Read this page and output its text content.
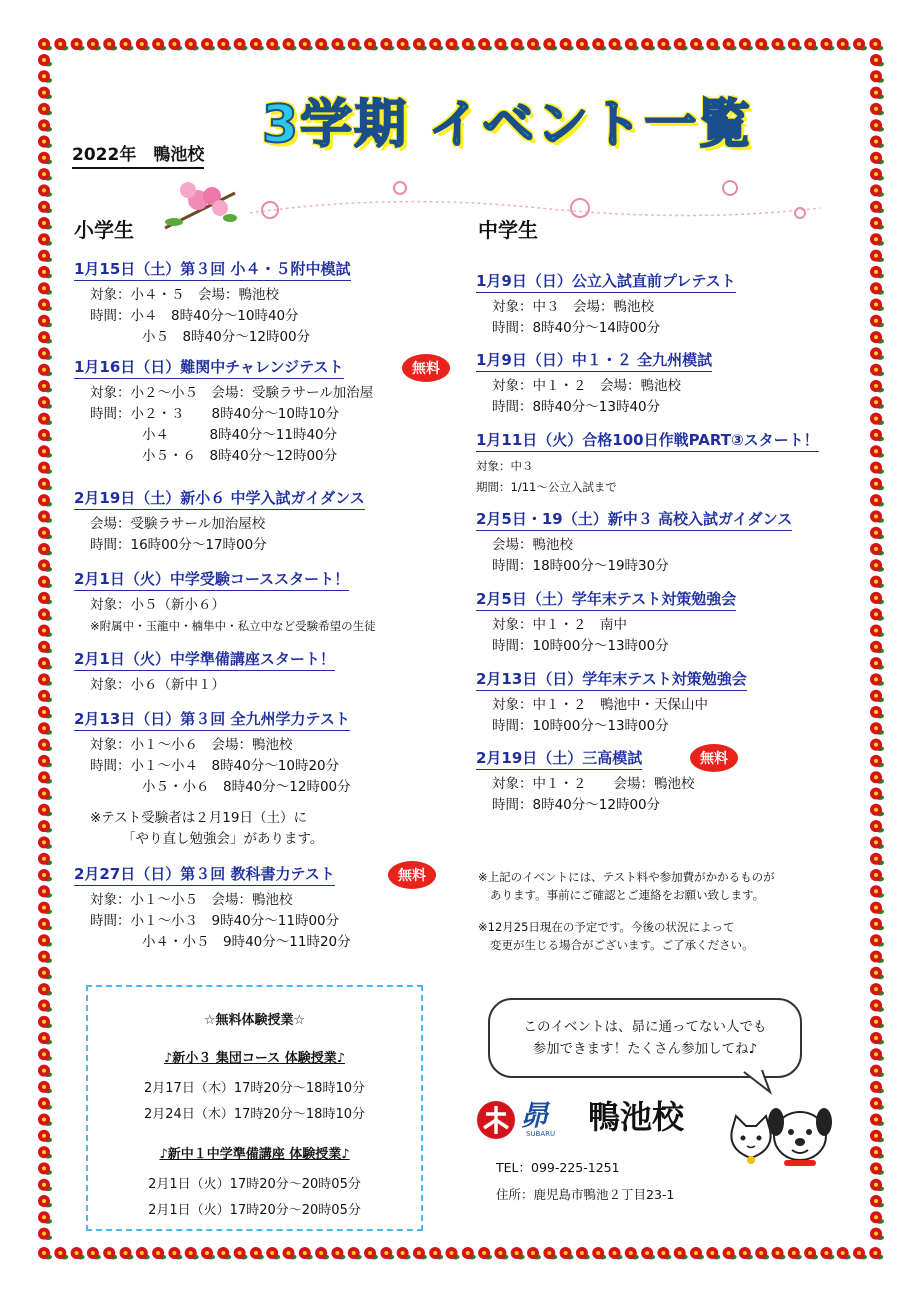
3学期 イベント一覧
2022年　 鴨池校
小学生	中学生
1月15日（土）第３回 小４・５附中模試
対象：小４・５　会場：鴨池校
時間：小４　8時40分～10時40分
小５　8時40分～12時00分
1月16日（日）難関中チャレンジテスト
対象：小２～小５　会場：受験ラサール加治屋
時間：小２・３　　8時40分～10時10分
小４　　　8時40分～11時40分
小５・６　8時40分～12時00分
無料
2月19日（土）新小６ 中学入試ガイダンス
会場：受験ラサール加治屋校
時間：16時00分～17時00分
2月1日（火）中学受験コーススタート！
対象：小５（新小６）
※附属中・玉龍中・楠隼中・私立中など受験希望の生徒
2月1日（火）中学準備講座スタート！
対象：小６（新中１）
2月13日（日）第３回 全九州学力テスト
対象：小１～小６　会場：鴨池校
時間：小１～小４　8時40分～10時20分
小５・小６　8時40分～12時00分
※テスト受験者は２月19日（土）に
「やり直し勉強会」があります。
2月27日（日）第３回 教科書力テスト
対象：小１～小５　会場：鴨池校
時間：小１～小３　9時40分～11時00分
小４・小５　9時40分～11時20分
無料
1月9日（日）公立入試直前プレテスト
対象：中３　会場：鴨池校
時間：8時40分～14時00分
1月9日（日）中１・２ 全九州模試
対象：中１・２　会場：鴨池校
時間：8時40分～13時40分
1月11日（火）合格100日作戦PART③スタート！
対象：中３
期間：1/11～公立入試まで
2月5日・19（土）新中３ 高校入試ガイダンス
会場：鴨池校
時間：18時00分～19時30分
2月5日（土）学年末テスト対策勉強会
対象：中１・２　南中
時間：10時00分～13時00分
2月13日（日）学年末テスト対策勉強会
対象：中１・２　鴨池中・天保山中
時間：10時00分～13時00分
2月19日（土）三高模試
対象：中１・２　　会場：鴨池校
時間：8時40分～12時00分
無料
※上記のイベントには、テスト料や参加費がかかるものが
あります。事前にご確認とご連絡をお願い致します。
※12月25日現在の予定です。今後の状況によって
変更が生じる場合がございます。ご了承ください。
☆無料体験授業☆
♪新小３ 集団コース 体験授業♪
2月17日（木）17時20分～18時10分
2月24日（木）17時20分～18時10分
♪新中１中学準備講座 体験授業♪
2月1日（火）17時20分～20時05分
2月1日（火）17時20分～20時05分
このイベントは、昴に通ってない人でも
参加できます！たくさん参加してね♪
昴
SUBARU 鴨池校
TEL：099-225-1251
住所：鹿児島市鴨池２丁目23-1
